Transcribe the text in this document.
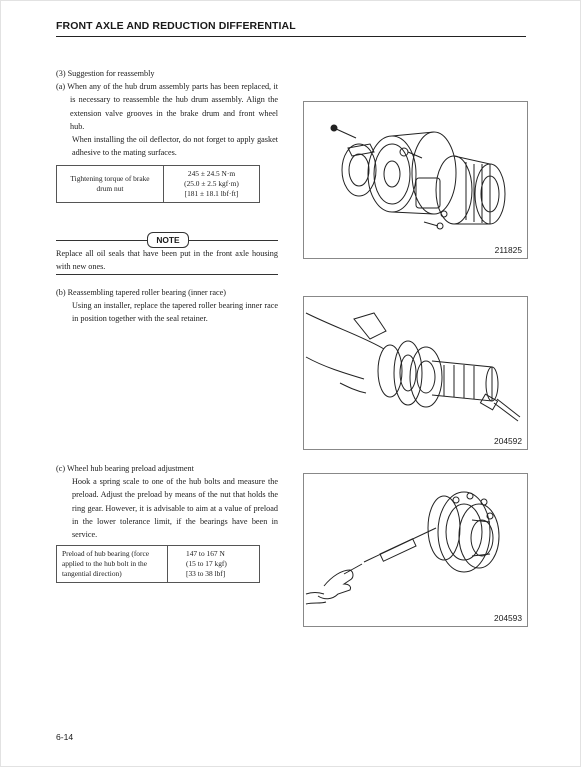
FRONT AXLE AND REDUCTION DIFFERENTIAL

(3) Suggestion for reassembly

(a) When any of the hub drum assembly parts has been replaced, it is necessary to reassemble the hub drum assembly. Align the extension valve grooves in the brake drum and front wheel hub.

When installing the oil deflector, do not forget to apply gasket adhesive to the mating surfaces.

Tightening torque of brake drum nut	
245 ± 24.5 N·m
(25.0 ± 2.5 kgf·m)
[181 ± 18.1 lbf·ft]
NOTE
Replace all oil seals that have been put in the front axle housing with new ones.

(b) Reassembling tapered roller bearing (inner race)

Using an installer, replace the tapered roller bearing inner race in position together with the seal retainer.

(c) Wheel hub bearing preload adjustment

Hook a spring scale to one of the hub bolts and measure the preload. Adjust the preload by means of the nut that holds the ring gear. However, it is advisable to aim at a value of preload in the lower tolerance limit, if the bearings have been in service.

Preload of hub bearing (force applied to the hub bolt in the tangential direction)	
147 to 167 N
(15 to 17 kgf)
[33 to 38 lbf]
211825
204592
204593
6-14
